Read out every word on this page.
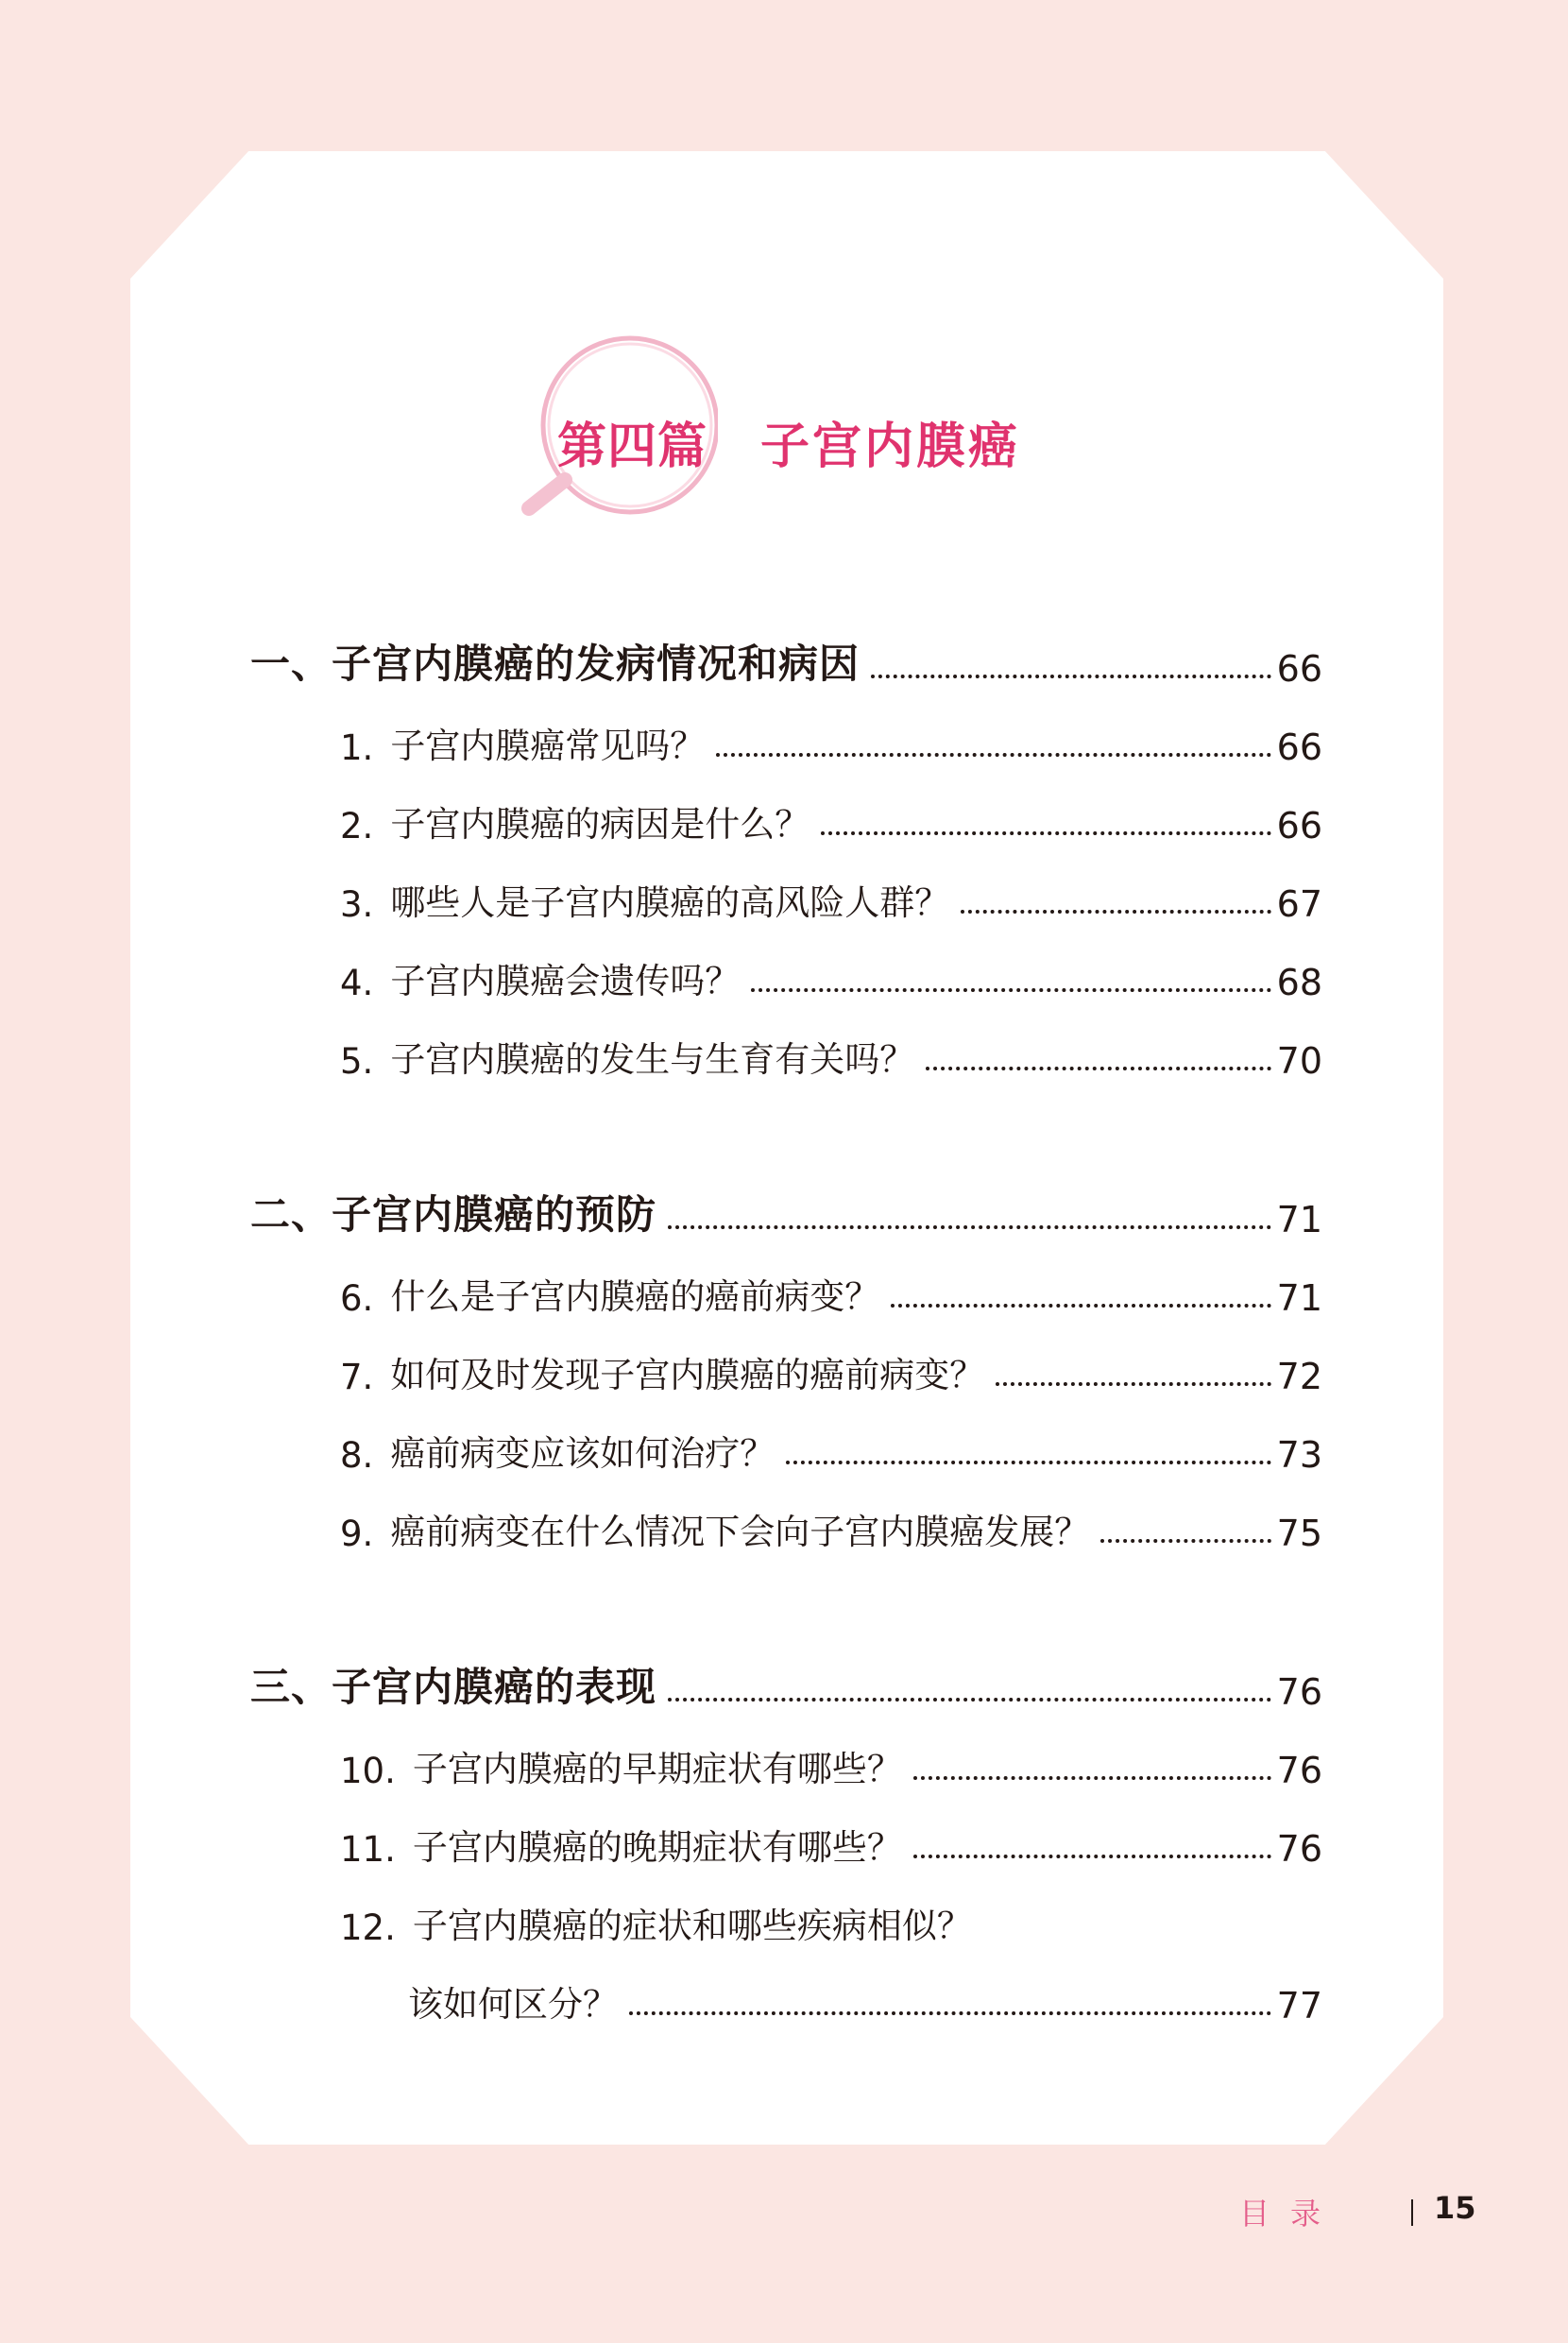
第四篇 子宫内膜癌
一、子宫内膜癌的发病情况和病因	66
1. 子宫内膜癌常见吗？	66
2. 子宫内膜癌的病因是什么？	66
3. 哪些人是子宫内膜癌的高风险人群？	67
4. 子宫内膜癌会遗传吗？	68
5. 子宫内膜癌的发生与生育有关吗？	70
二、子宫内膜癌的预防	71
6. 什么是子宫内膜癌的癌前病变？	71
7. 如何及时发现子宫内膜癌的癌前病变？	72
8. 癌前病变应该如何治疗？	73
9. 癌前病变在什么情况下会向子宫内膜癌发展？	75
三、子宫内膜癌的表现	76
10. 子宫内膜癌的早期症状有哪些？	76
11. 子宫内膜癌的晚期症状有哪些？	76
12. 子宫内膜癌的症状和哪些疾病相似？
该如何区分？	77
目录	15
